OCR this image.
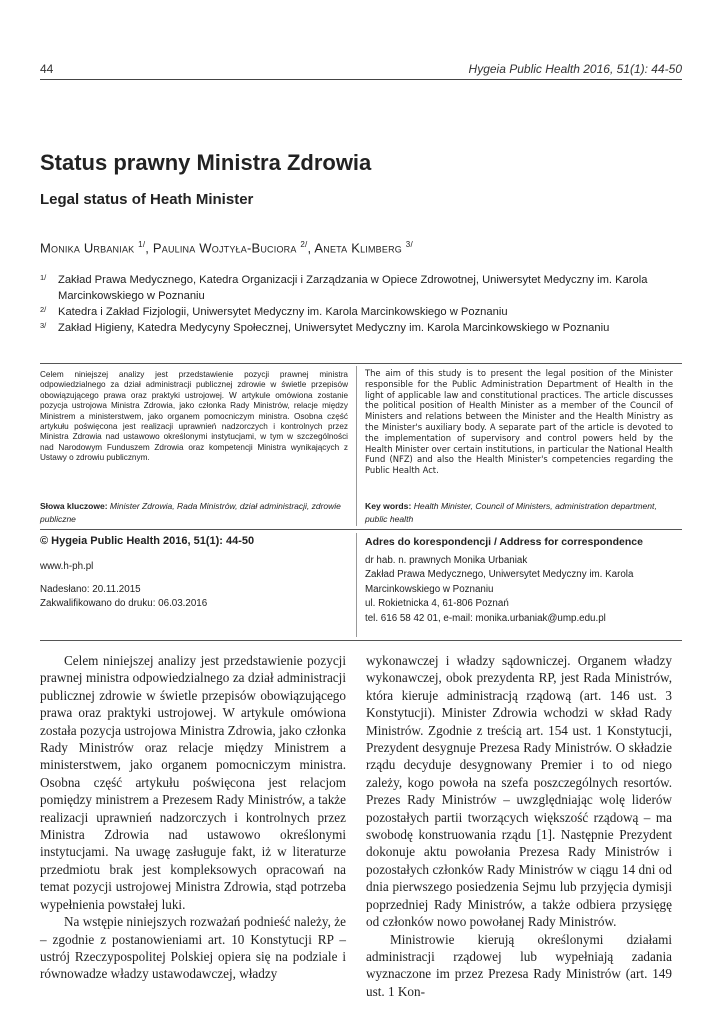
44	Hygeia Public Health 2016, 51(1): 44-50
Status prawny Ministra Zdrowia
Legal status of Heath Minister
Monika Urbaniak $^{1/}$, Paulina Wojtyła-Buciora $^{2/}$, Aneta Klimberg $^{3/}$
1/ Zakład Prawa Medycznego, Katedra Organizacji i Zarządzania w Opiece Zdrowotnej, Uniwersytet Medyczny im. Karola Marcinkowskiego w Poznaniu
2/ Katedra i Zakład Fizjologii, Uniwersytet Medyczny im. Karola Marcinkowskiego w Poznaniu
3/ Zakład Higieny, Katedra Medycyny Społecznej, Uniwersytet Medyczny im. Karola Marcinkowskiego w Poznaniu
Celem niniejszej analizy jest przedstawienie pozycji prawnej ministra odpowiedzialnego za dział administracji publicznej zdrowie w świetle przepisów obowiązującego prawa oraz praktyki ustrojowej. W artykule omówiona zostanie pozycja ustrojowa Ministra Zdrowia, jako członka Rady Ministrów, relacje między Ministrem a ministerstwem, jako organem pomocniczym ministra. Osobna część artykułu poświęcona jest realizacji uprawnień nadzorczych i kontrolnych przez Ministra Zdrowia nad ustawowo określonymi instytucjami, w tym w szczególności nad Narodowym Funduszem Zdrowia oraz kompetencji Ministra wynikających z Ustawy o zdrowiu publicznym.
The aim of this study is to present the legal position of the Minister responsible for the Public Administration Department of Health in the light of applicable law and constitutional practices. The article discusses the political position of Health Minister as a member of the Council of Ministers and relations between the Minister and the Health Ministry as the Minister's auxiliary body. A separate part of the article is devoted to the implementation of supervisory and control powers held by the Health Minister over certain institutions, in particular the National Health Fund (NFZ) and also the Health Minister's competencies regarding the Public Health Act.
Słowa kluczowe: Minister Zdrowia, Rada Ministrów, dział administracji, zdrowie publiczne
Key words: Health Minister, Council of Ministers, administration department, public health
© Hygeia Public Health 2016, 51(1): 44-50
www.h-ph.pl
Nadesłano: 20.11.2015
Zakwalifikowano do druku: 06.03.2016
Adres do korespondencji / Address for correspondence
dr hab. n. prawnych Monika Urbaniak
Zakład Prawa Medycznego, Uniwersytet Medyczny im. Karola
Marcinkowskiego w Poznaniu
ul. Rokietnicka 4, 61-806 Poznań
tel. 616 58 42 01, e-mail: monika.urbaniak@ump.edu.pl

Celem niniejszej analizy jest przedstawienie pozycji prawnej ministra odpowiedzialnego za dział administracji publicznej zdrowie w świetle przepisów obowiązującego prawa oraz praktyki ustrojowej. W artykule omówiona została pozycja ustrojowa Ministra Zdrowia, jako członka Rady Ministrów oraz relacje między Ministrem a ministerstwem, jako organem pomocniczym ministra. Osobna część artykułu poświęcona jest relacjom pomiędzy ministrem a Prezesem Rady Ministrów, a także realizacji uprawnień nadzorczych i kontrolnych przez Ministra Zdrowia nad ustawowo określonymi instytucjami. Na uwagę zasługuje fakt, iż w literaturze przedmiotu brak jest kompleksowych opracowań na temat pozycji ustrojowej Ministra Zdrowia, stąd potrzeba wypełnienia powstałej luki.

Na wstępie niniejszych rozważań podnieść należy, że – zgodnie z postanowieniami art. 10 Konstytucji RP – ustrój Rzeczypospolitej Polskiej opiera się na podziale i równowadze władzy ustawodawczej, władzy

wykonawczej i władzy sądowniczej. Organem władzy wykonawczej, obok prezydenta RP, jest Rada Ministrów, która kieruje administracją rządową (art. 146 ust. 3 Konstytucji). Minister Zdrowia wchodzi w skład Rady Ministrów. Zgodnie z treścią art. 154 ust. 1 Konstytucji, Prezydent desygnuje Prezesa Rady Ministrów. O składzie rządu decyduje desygnowany Premier i to od niego zależy, kogo powoła na szefa poszczególnych resortów. Prezes Rady Ministrów – uwzględniając wolę liderów pozostałych partii tworzących większość rządową – ma swobodę konstruowania rządu [1]. Następnie Prezydent dokonuje aktu powołania Prezesa Rady Ministrów i pozostałych członków Rady Ministrów w ciągu 14 dni od dnia pierwszego posiedzenia Sejmu lub przyjęcia dymisji poprzedniej Rady Ministrów, a także odbiera przysięgę od członków nowo powołanej Rady Ministrów.

Ministrowie kierują określonymi działami administracji rządowej lub wypełniają zadania wyznaczone im przez Prezesa Rady Ministrów (art. 149 ust. 1 Kon-
